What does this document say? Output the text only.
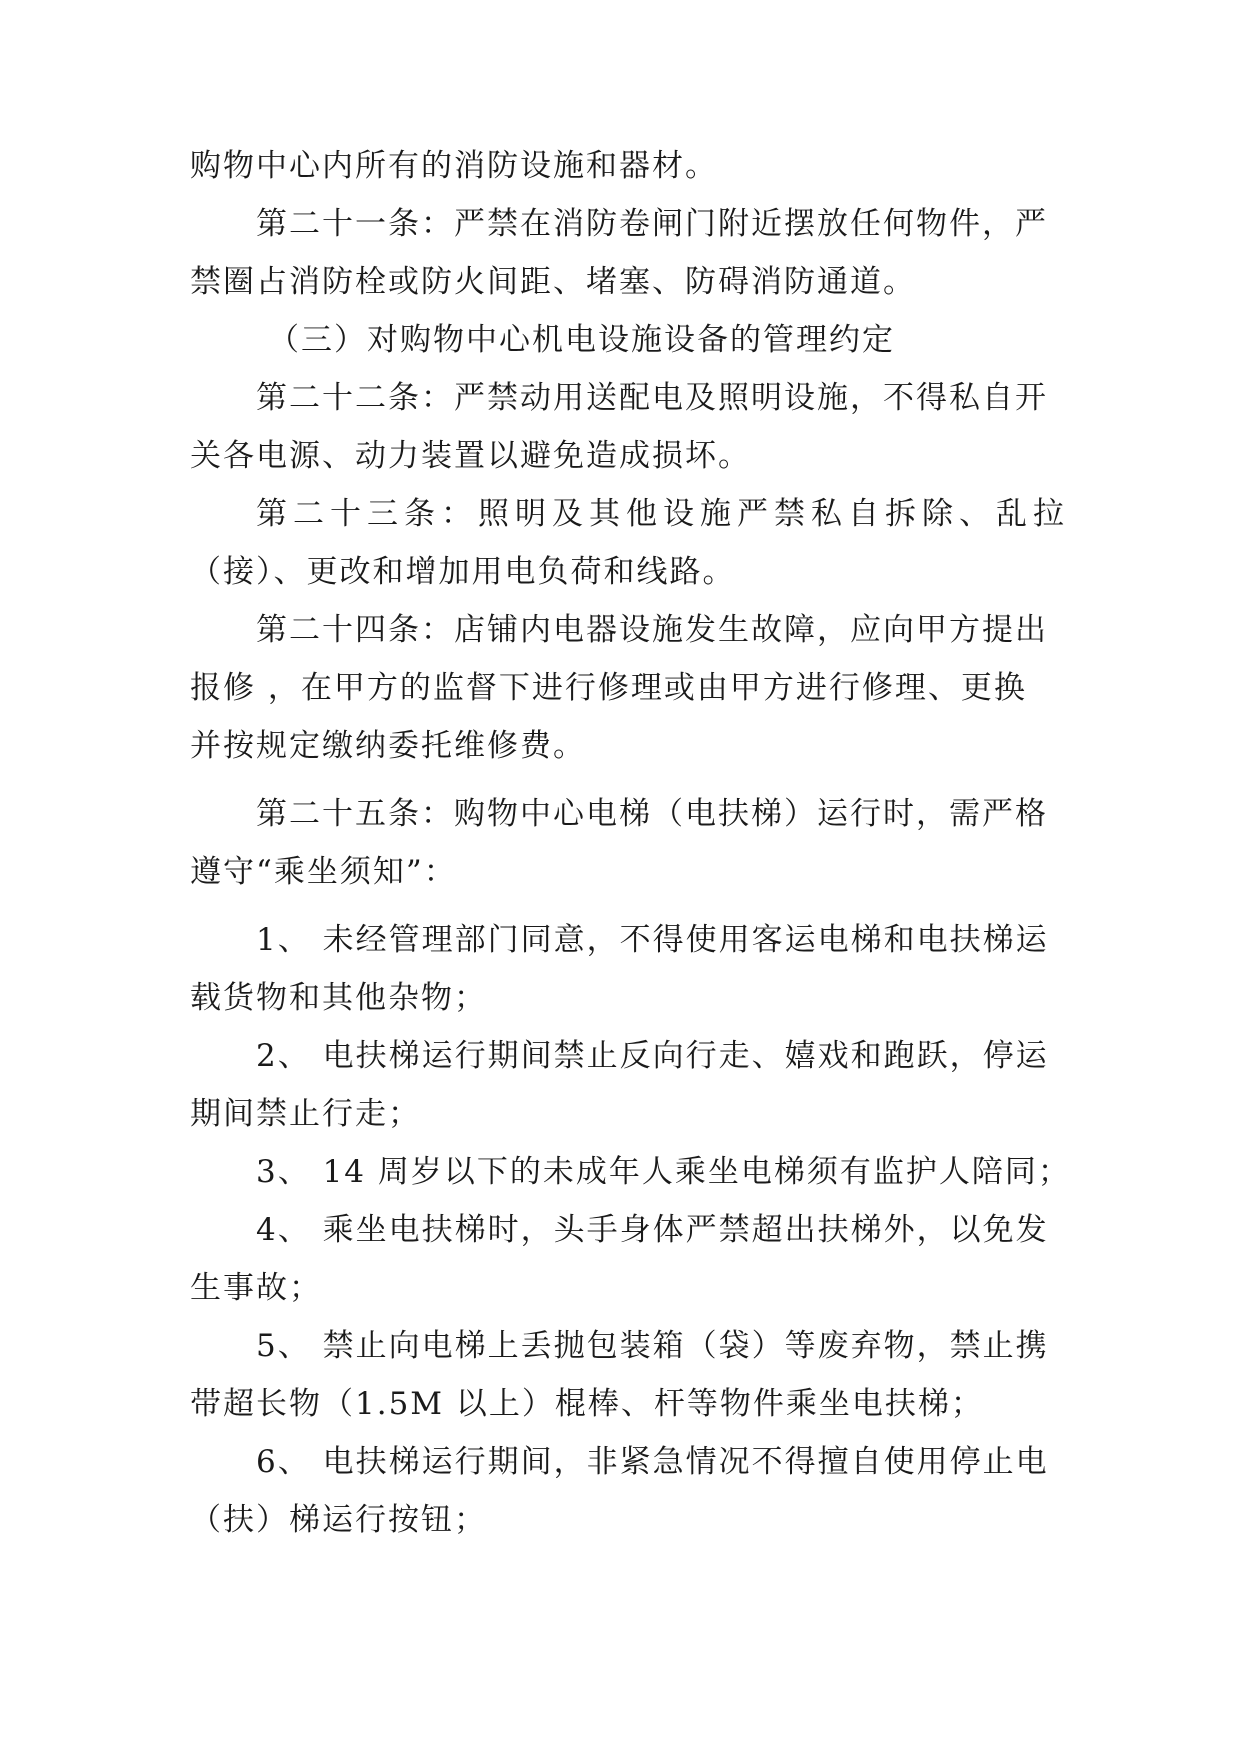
购物中心内所有的消防设施和器材。
第二十一条：严禁在消防卷闸门附近摆放任何物件，严
禁圈占消防栓或防火间距、堵塞、防碍消防通道。
（三）对购物中心机电设施设备的管理约定
第二十二条：严禁动用送配电及照明设施，不得私自开
关各电源、动力装置以避免造成损坏。
第二十三条：照明及其他设施严禁私自拆除、乱拉
（接）、更改和增加用电负荷和线路。
第二十四条：店铺内电器设施发生故障，应向甲方提出
报修 ，在甲方的监督下进行修理或由甲方进行修理、更换
并按规定缴纳委托维修费。
第二十五条：购物中心电梯（电扶梯）运行时，需严格
遵守“乘坐须知”：
1、 未经管理部门同意，不得使用客运电梯和电扶梯运
载货物和其他杂物；
2、 电扶梯运行期间禁止反向行走、嬉戏和跑跃，停运
期间禁止行走；
3、 14 周岁以下的未成年人乘坐电梯须有监护人陪同；
4、 乘坐电扶梯时，头手身体严禁超出扶梯外，以免发
生事故；
5、 禁止向电梯上丢抛包装箱（袋）等废弃物，禁止携
带超长物（1.5M 以上）棍棒、杆等物件乘坐电扶梯；
6、 电扶梯运行期间，非紧急情况不得擅自使用停止电
（扶）梯运行按钮；
